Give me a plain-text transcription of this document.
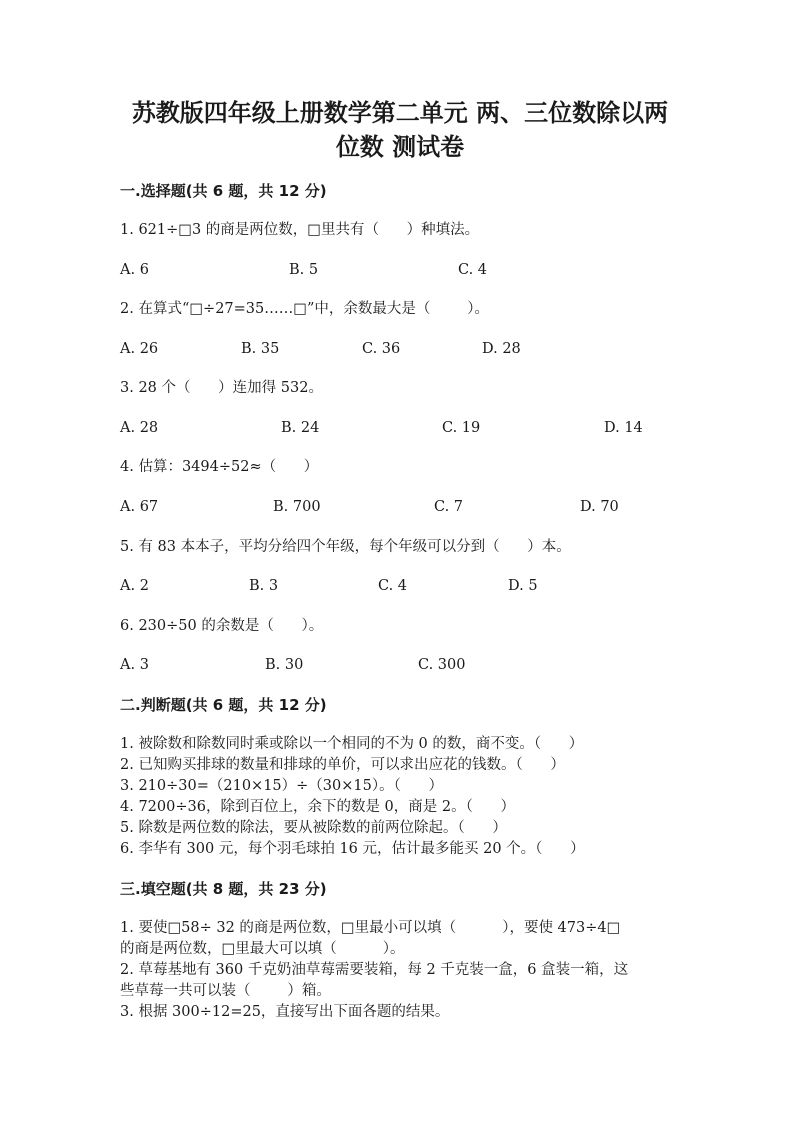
苏教版四年级上册数学第二单元 两、三位数除以两
位数 测试卷
一.选择题(共 6 题，共 12 分)
1. 621÷□3 的商是两位数，□里共有（      ）种填法。
A. 6	B. 5	C. 4
2. 在算式“□÷27=35……□”中，余数最大是（        ）。
A. 26	B. 35	C. 36	D. 28
3. 28 个（      ）连加得 532。
A. 28	B. 24	C. 19	D. 14
4. 估算：3494÷52≈（      ）
A. 67	B. 700	C. 7	D. 70
5. 有 83 本本子，平均分给四个年级，每个年级可以分到（      ）本。
A. 2	B. 3	C. 4	D. 5
6. 230÷50 的余数是（      ）。
A. 3	B. 30	C. 300
二.判断题(共 6 题，共 12 分)
1. 被除数和除数同时乘或除以一个相同的不为 0 的数，商不变。（      ）
2. 已知购买排球的数量和排球的单价，可以求出应花的钱数。（      ）
3. 210÷30=（210×15）÷（30×15）。（      ）
4. 7200÷36，除到百位上，余下的数是 0，商是 2。（      ）
5. 除数是两位数的除法，要从被除数的前两位除起。（      ）
6. 李华有 300 元，每个羽毛球拍 16 元，估计最多能买 20 个。（      ）
三.填空题(共 8 题，共 23 分)
1. 要使□58÷ 32 的商是两位数，□里最小可以填（          ），要使 473÷4□
的商是两位数，□里最大可以填（          ）。
2. 草莓基地有 360 千克奶油草莓需要装箱，每 2 千克装一盒，6 盒装一箱，这
些草莓一共可以装（        ）箱。
3. 根据 300÷12=25，直接写出下面各题的结果。
